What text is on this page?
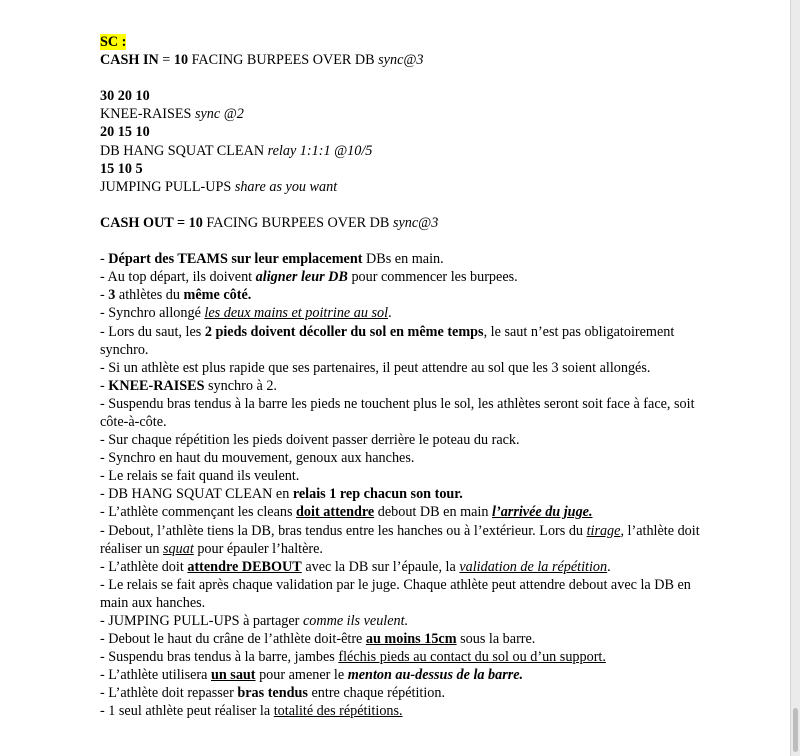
SC :
CASH IN = 10 FACING BURPEES OVER DB sync@3
30 20 10
KNEE-RAISES sync @2
20 15 10
DB HANG SQUAT CLEAN relay 1:1:1 @10/5
15 10 5
JUMPING PULL-UPS share as you want
CASH OUT = 10 FACING BURPEES OVER DB sync@3
- Départ des TEAMS sur leur emplacement DBs en main.
- Au top départ, ils doivent aligner leur DB pour commencer les burpees.
- 3 athlètes du même côté.
- Synchro allongé les deux mains et poitrine au sol.
- Lors du saut, les 2 pieds doivent décoller du sol en même temps, le saut n’est pas obligatoirement synchro.
- Si un athlète est plus rapide que ses partenaires, il peut attendre au sol que les 3 soient allongés.
- KNEE-RAISES synchro à 2.
- Suspendu bras tendus à la barre les pieds ne touchent plus le sol, les athlètes seront soit face à face, soit côte-à-côte.
- Sur chaque répétition les pieds doivent passer derrière le poteau du rack.
- Synchro en haut du mouvement, genoux aux hanches.
- Le relais se fait quand ils veulent.
- DB HANG SQUAT CLEAN en relais 1 rep chacun son tour.
- L’athlète commençant les cleans doit attendre debout DB en main l’arrivée du juge.
- Debout, l’athlète tiens la DB, bras tendus entre les hanches ou à l’extérieur. Lors du tirage, l’athlète doit réaliser un squat pour épauler l’haltère.
- L’athlète doit attendre DEBOUT avec la DB sur l’épaule, la validation de la répétition.
- Le relais se fait après chaque validation par le juge. Chaque athlète peut attendre debout avec la DB en main aux hanches.
- JUMPING PULL-UPS à partager comme ils veulent.
- Debout le haut du crâne de l’athlète doit-être au moins 15cm sous la barre.
- Suspendu bras tendus à la barre, jambes fléchis pieds au contact du sol ou d’un support.
- L’athlète utilisera un saut pour amener le menton au-dessus de la barre.
- L’athlète doit repasser bras tendus entre chaque répétition.
- 1 seul athlète peut réaliser la totalité des répétitions.
